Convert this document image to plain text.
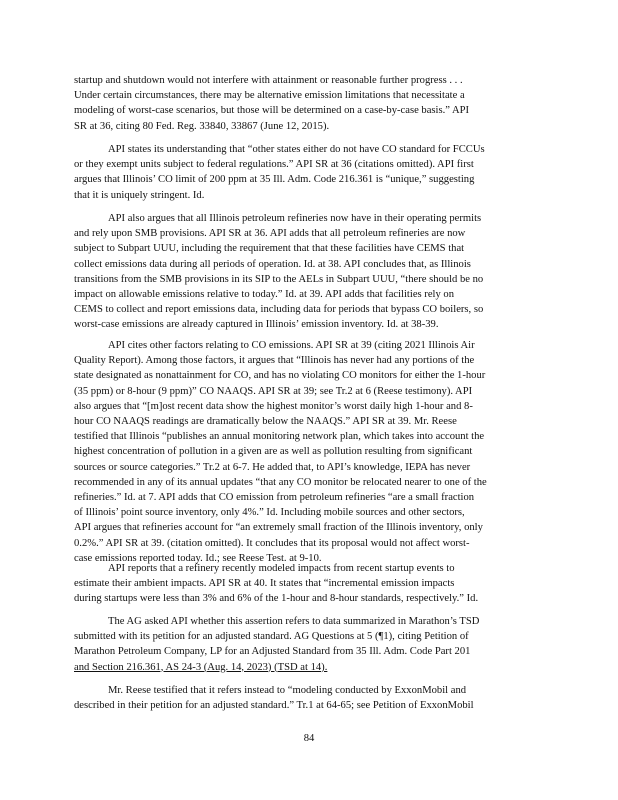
startup and shutdown would not interfere with attainment or reasonable further progress . . .
Under certain circumstances, there may be alternative emission limitations that necessitate a
modeling of worst-case scenarios, but those will be determined on a case-by-case basis.” API
SR at 36, citing 80 Fed. Reg. 33840, 33867 (June 12, 2015).

API states its understanding that “other states either do not have CO standard for FCCUs
or they exempt units subject to federal regulations.” API SR at 36 (citations omitted). API first
argues that Illinois’ CO limit of 200 ppm at 35 Ill. Adm. Code 216.361 is “unique,” suggesting
that it is uniquely stringent. Id.

API also argues that all Illinois petroleum refineries now have in their operating permits
and rely upon SMB provisions. API SR at 36. API adds that all petroleum refineries are now
subject to Subpart UUU, including the requirement that that these facilities have CEMS that
collect emissions data during all periods of operation. Id. at 38. API concludes that, as Illinois
transitions from the SMB provisions in its SIP to the AELs in Subpart UUU, “there should be no
impact on allowable emissions relative to today.” Id. at 39. API adds that facilities rely on
CEMS to collect and report emissions data, including data for periods that bypass CO boilers, so
worst-case emissions are already captured in Illinois’ emission inventory. Id. at 38-39.

API cites other factors relating to CO emissions. API SR at 39 (citing 2021 Illinois Air
Quality Report). Among those factors, it argues that “Illinois has never had any portions of the
state designated as nonattainment for CO, and has no violating CO monitors for either the 1-hour
(35 ppm) or 8-hour (9 ppm)” CO NAAQS. API SR at 39; see Tr.2 at 6 (Reese testimony). API
also argues that “[m]ost recent data show the highest monitor’s worst daily high 1-hour and 8-
hour CO NAAQS readings are dramatically below the NAAQS.” API SR at 39. Mr. Reese
testified that Illinois “publishes an annual monitoring network plan, which takes into account the
highest concentration of pollution in a given are as well as pollution resulting from significant
sources or source categories.” Tr.2 at 6-7. He added that, to API’s knowledge, IEPA has never
recommended in any of its annual updates “that any CO monitor be relocated nearer to one of the
refineries.” Id. at 7. API adds that CO emission from petroleum refineries “are a small fraction
of Illinois’ point source inventory, only 4%.” Id. Including mobile sources and other sectors,
API argues that refineries account for “an extremely small fraction of the Illinois inventory, only
0.2%.” API SR at 39. (citation omitted). It concludes that its proposal would not affect worst-
case emissions reported today. Id.; see Reese Test. at 9-10.

API reports that a refinery recently modeled impacts from recent startup events to
estimate their ambient impacts. API SR at 40. It states that “incremental emission impacts
during startups were less than 3% and 6% of the 1-hour and 8-hour standards, respectively.” Id.

The AG asked API whether this assertion refers to data summarized in Marathon’s TSD
submitted with its petition for an adjusted standard. AG Questions at 5 (¶1), citing Petition of
Marathon Petroleum Company, LP for an Adjusted Standard from 35 Ill. Adm. Code Part 201
and Section 216.361, AS 24-3 (Aug. 14, 2023) (TSD at 14).

Mr. Reese testified that it refers instead to “modeling conducted by ExxonMobil and
described in their petition for an adjusted standard.” Tr.1 at 64-65; see Petition of ExxonMobil

84
